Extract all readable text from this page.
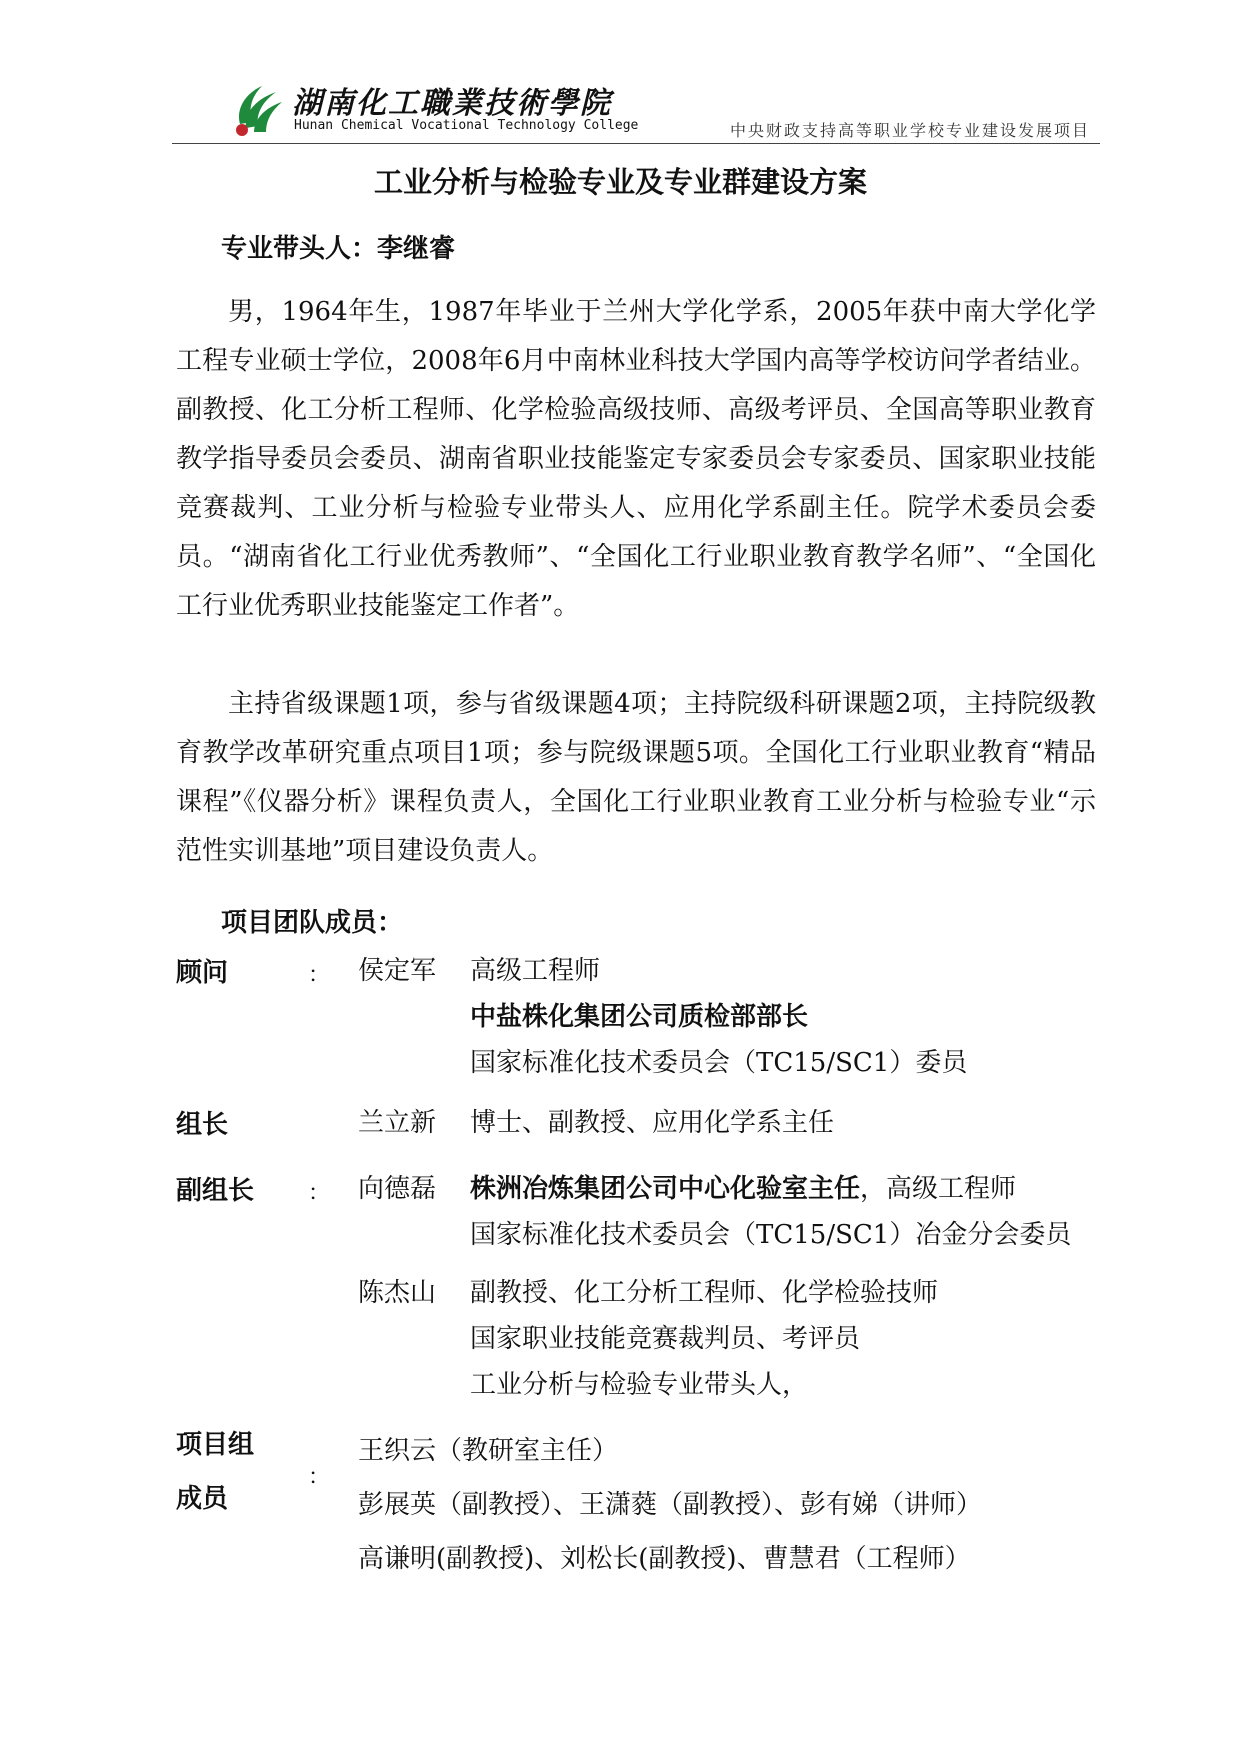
湖南化工職業技術學院
Hunan Chemical Vocational Technology College	中央财政支持高等职业学校专业建设发展项目
工业分析与检验专业及专业群建设方案
专业带头人：李继睿
男，1964年生，1987年毕业于兰州大学化学系，2005年获中南大学化学工程专业硕士学位，2008年6月中南林业科技大学国内高等学校访问学者结业。副教授、化工分析工程师、化学检验高级技师、高级考评员、全国高等职业教育教学指导委员会委员、湖南省职业技能鉴定专家委员会专家委员、国家职业技能竞赛裁判、工业分析与检验专业带头人、应用化学系副主任。院学术委员会委员。“湖南省化工行业优秀教师”、“全国化工行业职业教育教学名师”、“全国化工行业优秀职业技能鉴定工作者”。
主持省级课题1项，参与省级课题4项；主持院级科研课题2项，主持院级教育教学改革研究重点项目1项；参与院级课题5项。全国化工行业职业教育“精品课程”《仪器分析》课程负责人，全国化工行业职业教育工业分析与检验专业“示范性实训基地”项目建设负责人。
项目团队成员：
顾问	： 侯定军 高级工程师
中盐株化集团公司质检部部长
国家标准化技术委员会（TC15/SC1）委员
组长	兰立新 博士、副教授、应用化学系主任
副组长 ： 向德磊 株洲冶炼集团公司中心化验室主任，高级工程师
国家标准化技术委员会（TC15/SC1）冶金分会委员
陈杰山 副教授、化工分析工程师、化学检验技师
国家职业技能竞赛裁判员、考评员
工业分析与检验专业带头人，
项目组
成员
：
王织云（教研室主任）
彭展英（副教授）、王潇蕤（副教授）、彭有娣（讲师）
高谦明(副教授)、刘松长(副教授)、曹慧君（工程师）
